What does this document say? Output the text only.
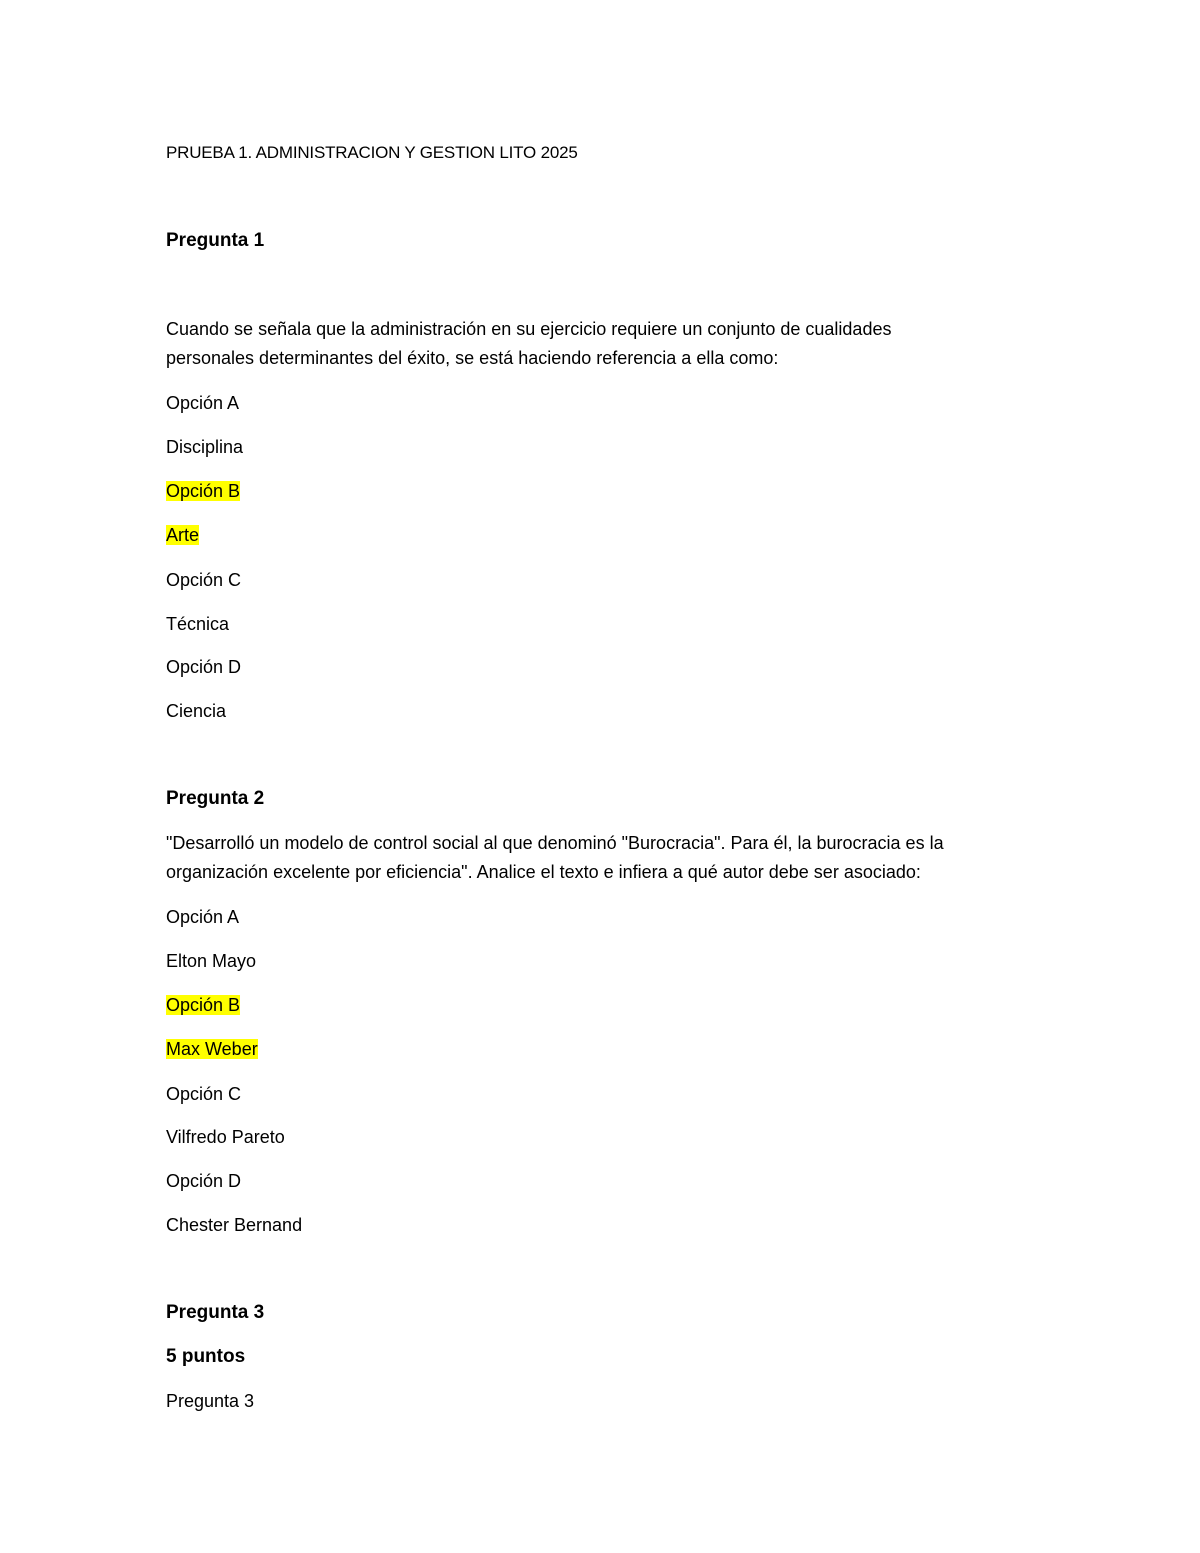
PRUEBA 1. ADMINISTRACION Y GESTION LITO 2025
Pregunta 1
Cuando se señala que la administración en su ejercicio requiere un conjunto de cualidades
personales determinantes del éxito, se está haciendo referencia a ella como:
Opción A
Disciplina
Opción B
Arte
Opción C
Técnica
Opción D
Ciencia
Pregunta 2
"Desarrolló un modelo de control social al que denominó "Burocracia". Para él, la burocracia es la
organización excelente por eficiencia". Analice el texto e infiera a qué autor debe ser asociado:
Opción A
Elton Mayo
Opción B
Max Weber
Opción C
Vilfredo Pareto
Opción D
Chester Bernand
Pregunta 3
5 puntos
Pregunta 3
